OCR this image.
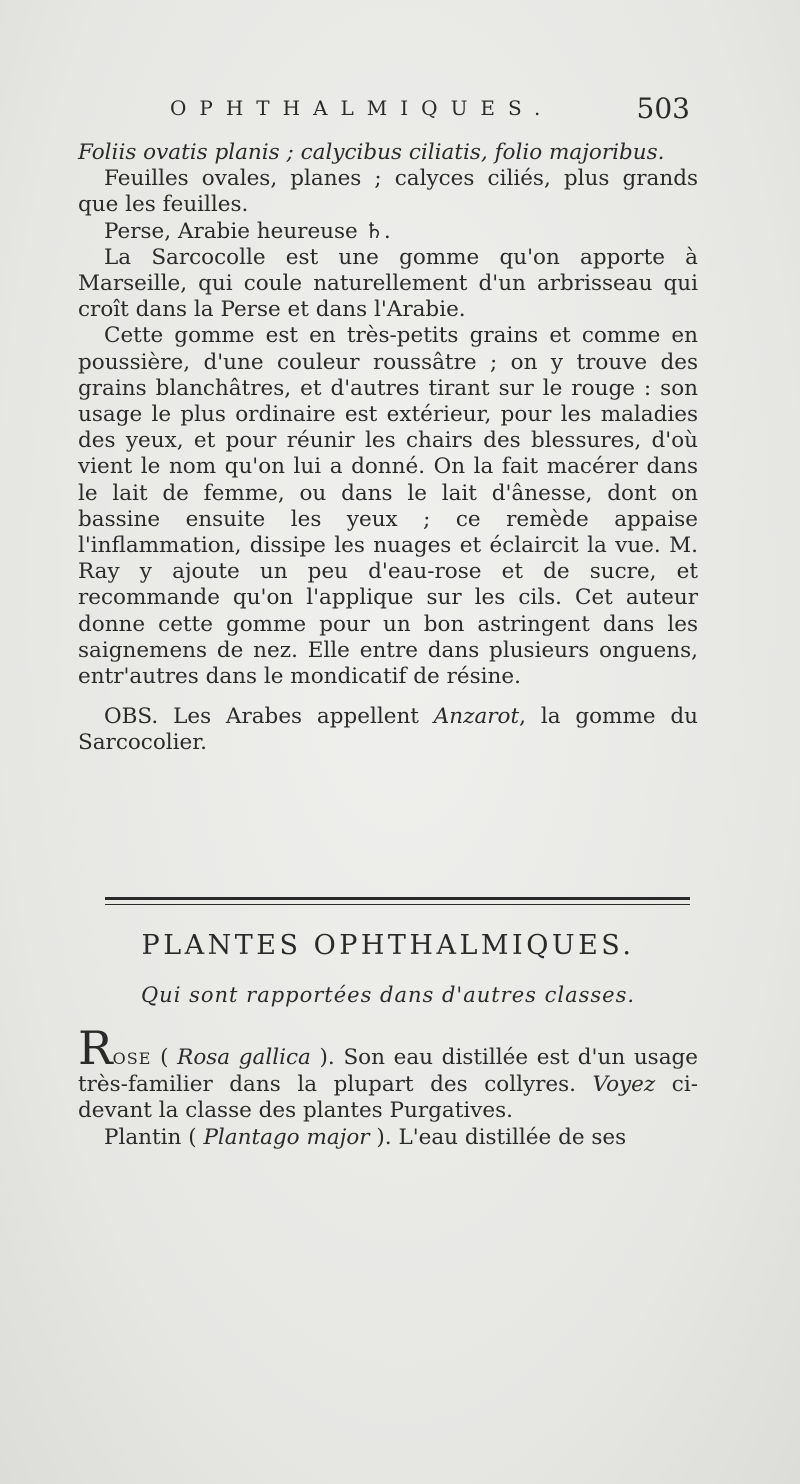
OPHTHALMIQUES.	503

Foliis ovatis planis ; calycibus ciliatis, folio majoribus.

Feuilles ovales, planes ; calyces ciliés, plus grands que les feuilles.

Perse, Arabie heureuse ♄.

La Sarcocolle est une gomme qu'on apporte à Marseille, qui coule naturellement d'un arbrisseau qui croît dans la Perse et dans l'Arabie.

Cette gomme est en très-petits grains et comme en poussière, d'une couleur roussâtre ; on y trouve des grains blanchâtres, et d'autres tirant sur le rouge : son usage le plus ordinaire est extérieur, pour les maladies des yeux, et pour réunir les chairs des blessures, d'où vient le nom qu'on lui a donné. On la fait macérer dans le lait de femme, ou dans le lait d'ânesse, dont on bassine ensuite les yeux ; ce remède appaise l'inflammation, dissipe les nuages et éclaircit la vue. M. Ray y ajoute un peu d'eau-rose et de sucre, et recommande qu'on l'applique sur les cils. Cet auteur donne cette gomme pour un bon astringent dans les saignemens de nez. Elle entre dans plusieurs onguens, entr'autres dans le mondicatif de résine.

OBS. Les Arabes appellent Anzarot, la gomme du Sarcocolier.

PLANTES OPHTHALMIQUES.

Qui sont rapportées dans d'autres classes.

ROSE ( Rosa gallica ). Son eau distillée est d'un usage très-familier dans la plupart des collyres. Voyez ci-devant la classe des plantes Purgatives.

Plantin ( Plantago major ). L'eau distillée de ses
